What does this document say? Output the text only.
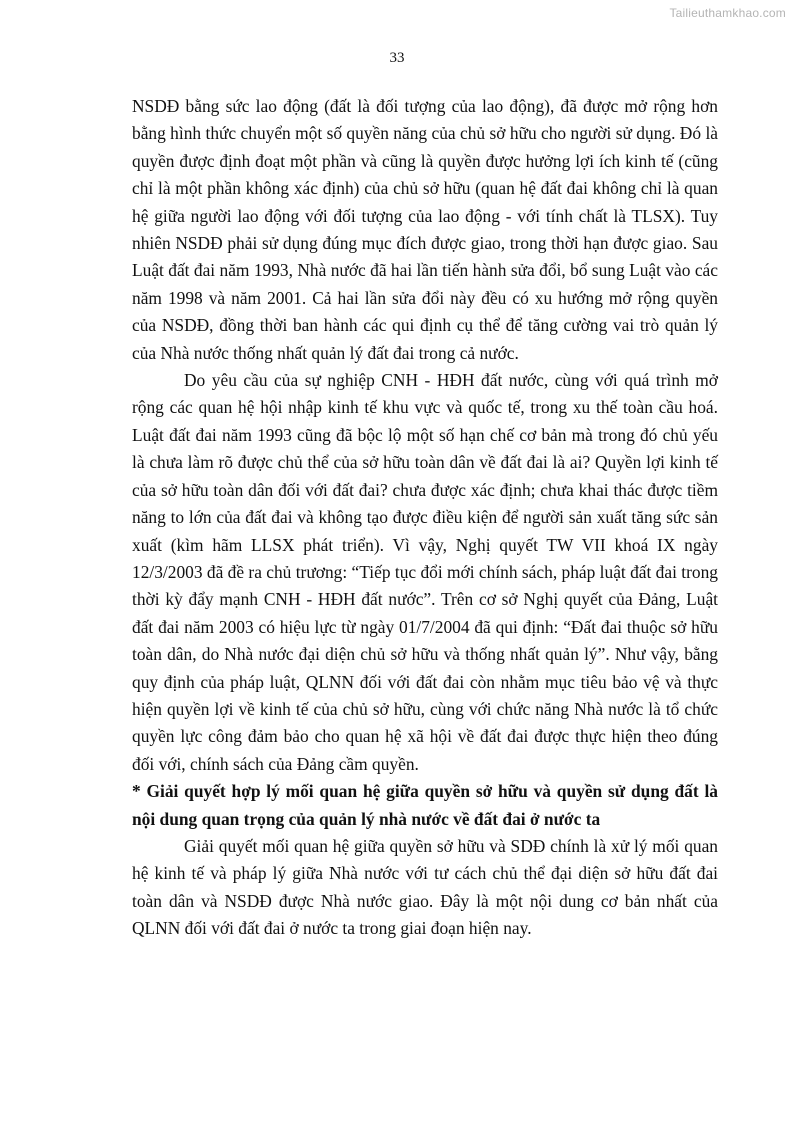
Tailieuthamkhao.com
33

NSDĐ bằng sức lao động (đất là đối tượng của lao động), đã được mở rộng hơn bằng hình thức chuyển một số quyền năng của chủ sở hữu cho người sử dụng. Đó là quyền được định đoạt một phần và cũng là quyền được hưởng lợi ích kinh tế (cũng chỉ là một phần không xác định) của chủ sở hữu (quan hệ đất đai không chỉ là quan hệ giữa người lao động với đối tượng của lao động - với tính chất là TLSX). Tuy nhiên NSDĐ phải sử dụng đúng mục đích được giao, trong thời hạn được giao. Sau Luật đất đai năm 1993, Nhà nước đã hai lần tiến hành sửa đổi, bổ sung Luật vào các năm 1998 và năm 2001. Cả hai lần sửa đổi này đều có xu hướng mở rộng quyền của NSDĐ, đồng thời ban hành các qui định cụ thể để tăng cường vai trò quản lý của Nhà nước thống nhất quản lý đất đai trong cả nước.

Do yêu cầu của sự nghiệp CNH - HĐH đất nước, cùng với quá trình mở rộng các quan hệ hội nhập kinh tế khu vực và quốc tế, trong xu thế toàn cầu hoá. Luật đất đai năm 1993 cũng đã bộc lộ một số hạn chế cơ bản mà trong đó chủ yếu là chưa làm rõ được chủ thể của sở hữu toàn dân về đất đai là ai? Quyền lợi kinh tế của sở hữu toàn dân đối với đất đai? chưa được xác định; chưa khai thác được tiềm năng to lớn của đất đai và không tạo được điều kiện để người sản xuất tăng sức sản xuất (kìm hãm LLSX phát triển). Vì vậy, Nghị quyết TW VII khoá IX ngày 12/3/2003 đã đề ra chủ trương: “Tiếp tục đổi mới chính sách, pháp luật đất đai trong thời kỳ đẩy mạnh CNH - HĐH đất nước”. Trên cơ sở Nghị quyết của Đảng, Luật đất đai năm 2003 có hiệu lực từ ngày 01/7/2004 đã qui định: “Đất đai thuộc sở hữu toàn dân, do Nhà nước đại diện chủ sở hữu và thống nhất quản lý”. Như vậy, bằng quy định của pháp luật, QLNN đối với đất đai còn nhằm mục tiêu bảo vệ và thực hiện quyền lợi về kinh tế của chủ sở hữu, cùng với chức năng Nhà nước là tổ chức quyền lực công đảm bảo cho quan hệ xã hội về đất đai được thực hiện theo đúng đối với, chính sách của Đảng cầm quyền.

* Giải quyết hợp lý mối quan hệ giữa quyền sở hữu và quyền sử dụng đất là nội dung quan trọng của quản lý nhà nước về đất đai ở nước ta

Giải quyết mối quan hệ giữa quyền sở hữu và SDĐ chính là xử lý mối quan hệ kinh tế và pháp lý giữa Nhà nước với tư cách chủ thể đại diện sở hữu đất đai toàn dân và NSDĐ được Nhà nước giao. Đây là một nội dung cơ bản nhất của QLNN đối với đất đai ở nước ta trong giai đoạn hiện nay.
